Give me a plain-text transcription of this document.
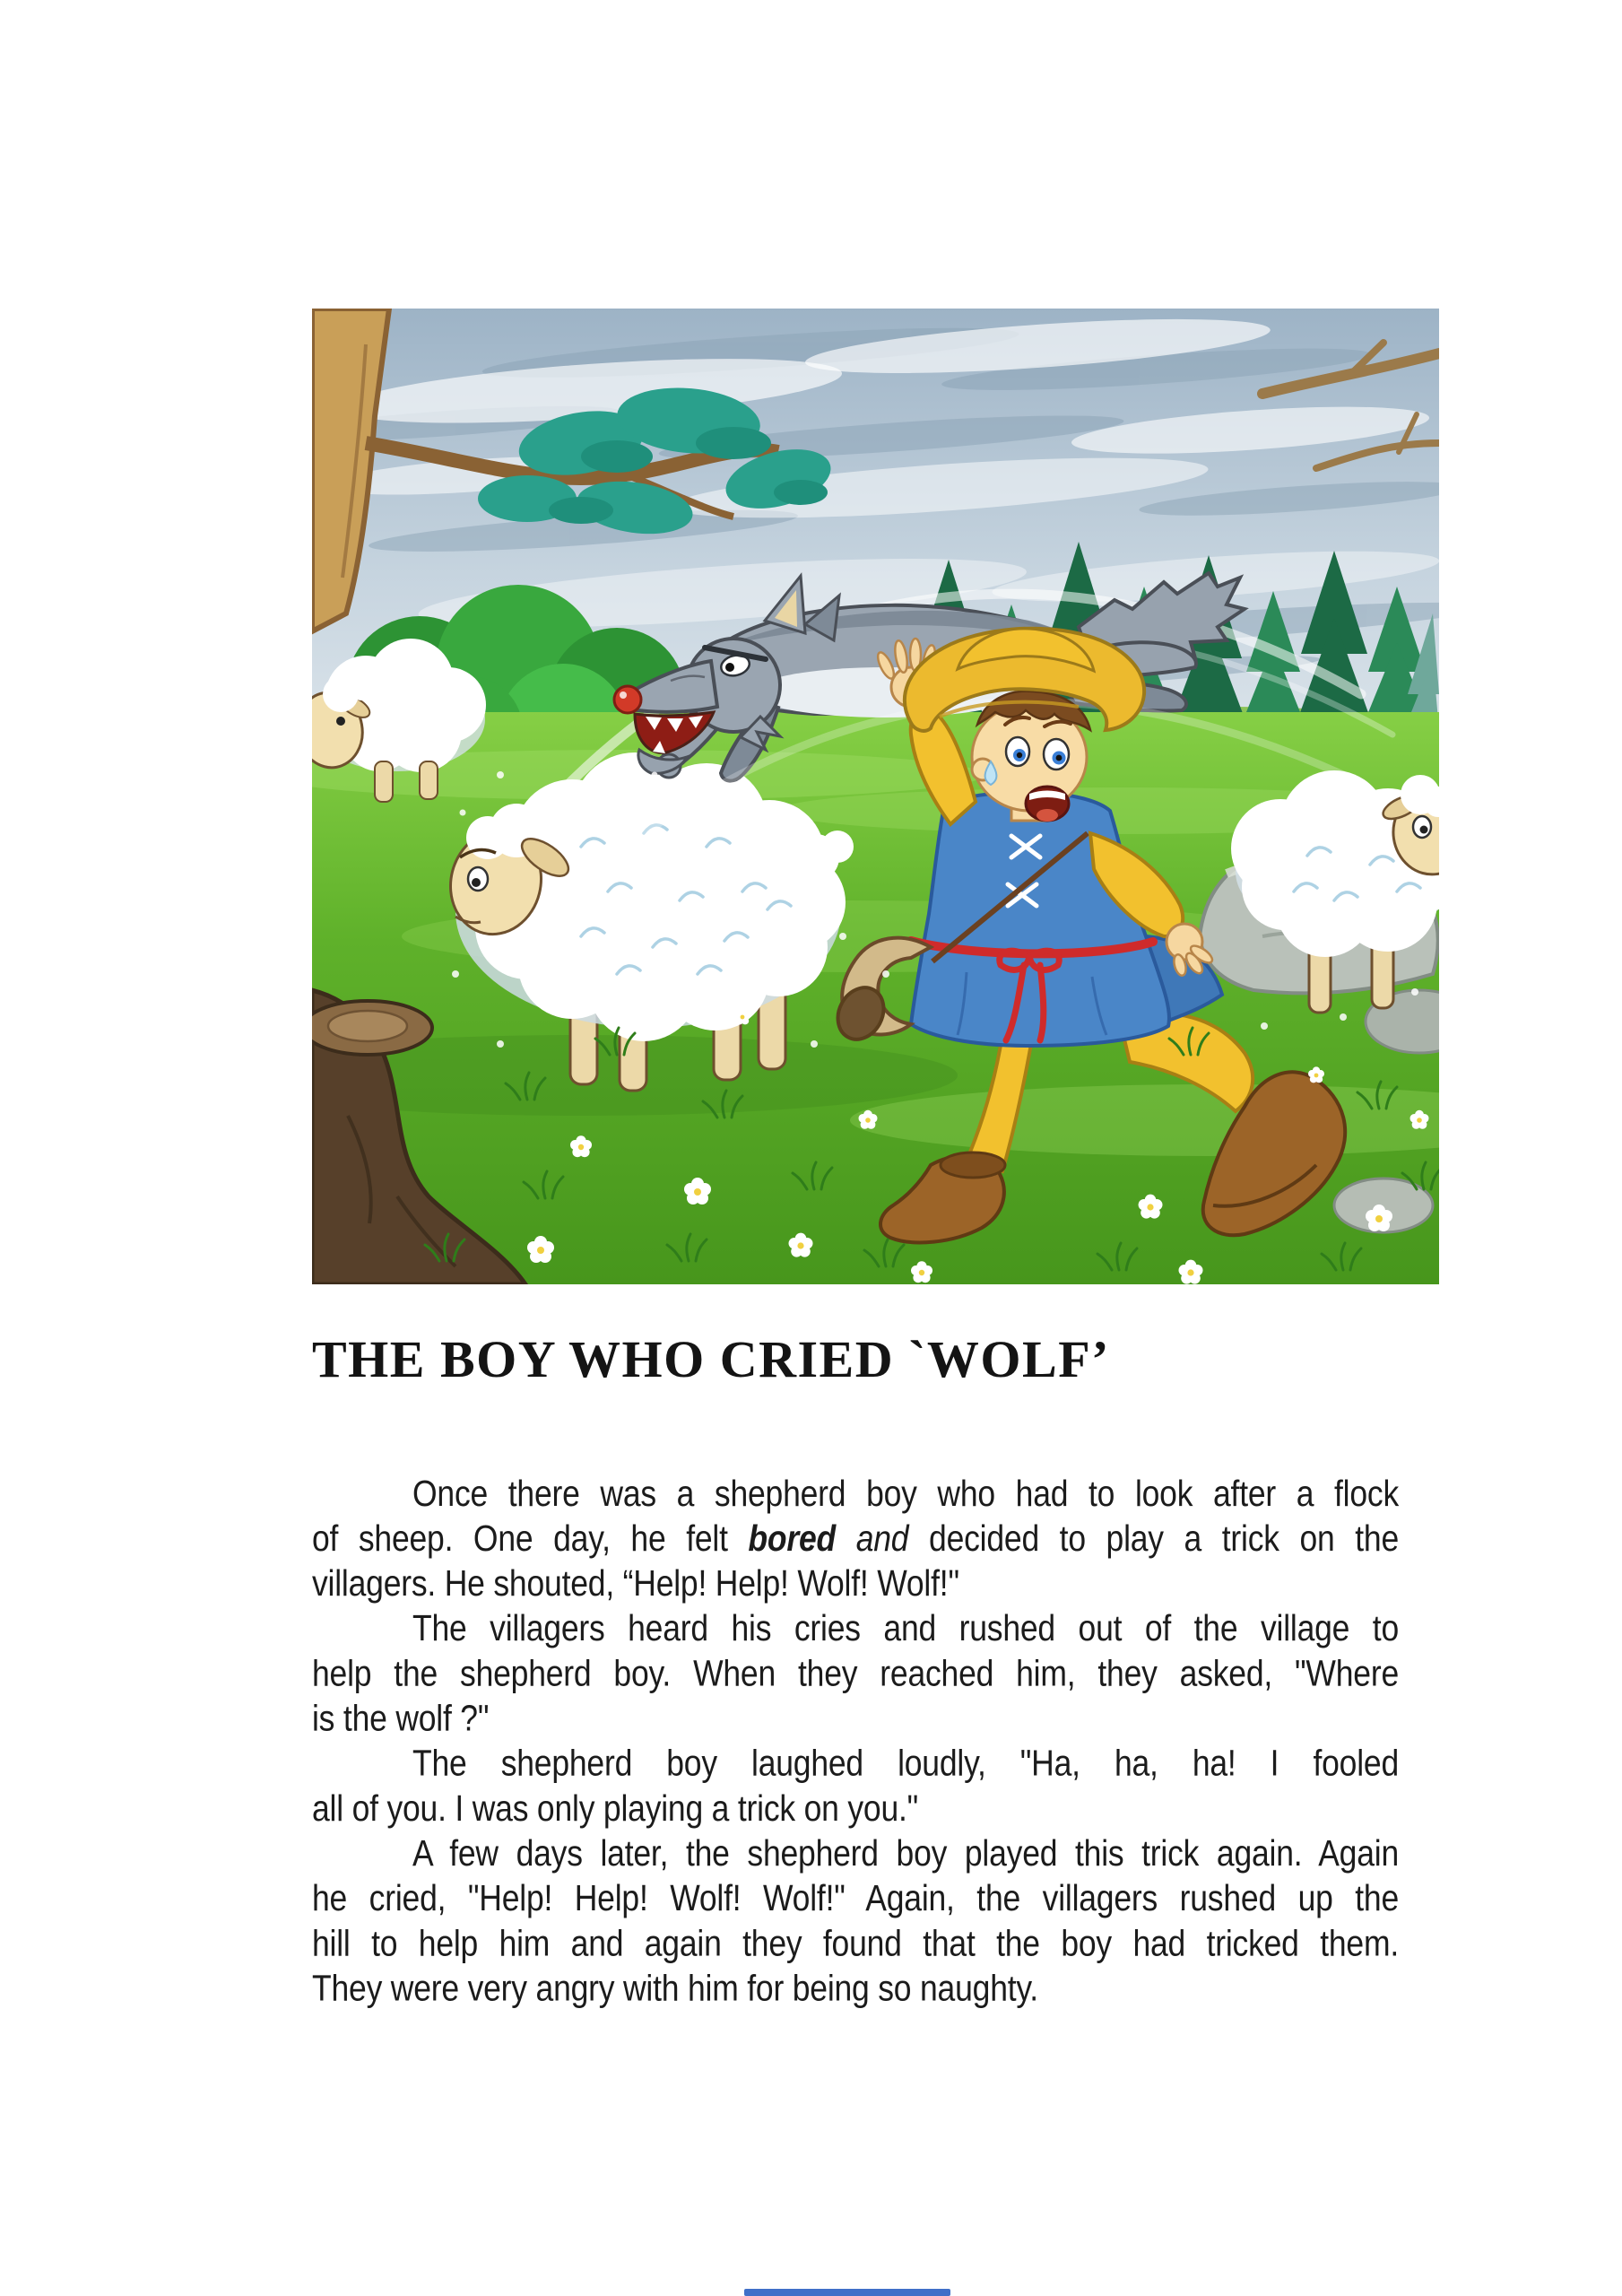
THE BOY WHO CRIED `WOLF’
Once there was a shepherd boy who had to look after a flock
of sheep. One day, he felt bored and decided to play a trick on the
villagers. He shouted, “Help! Help! Wolf! Wolf!"
The villagers heard his cries and rushed out of the village to
help the shepherd boy. When they reached him, they asked, "Where
is the wolf ?"
The shepherd boy laughed loudly, "Ha, ha, ha! I fooled
all of you. I was only playing a trick on you."
A few days later, the shepherd boy played this trick again. Again
he cried, "Help! Help! Wolf! Wolf!" Again, the villagers rushed up the
hill to help him and again they found that the boy had tricked them.
They were very angry with him for being so naughty.
